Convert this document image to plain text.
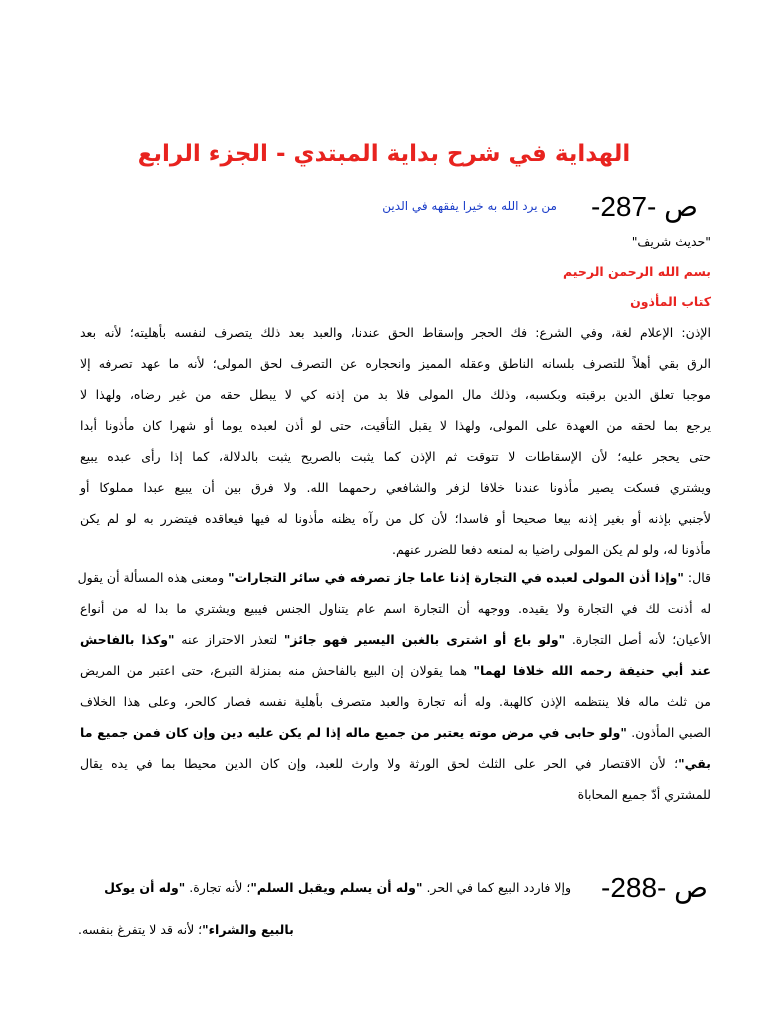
الهداية في شرح بداية المبتدي - الجزء الرابع
ص -287-
من يرد الله به خيرا يفقهه في الدين
"حديث شريف"
بسم الله الرحمن الرحيم
كتاب المأذون
الإذن: الإعلام لغة، وفي الشرع: فك الحجر وإسقاط الحق عندنا، والعبد بعد ذلك يتصرف لنفسه بأهليته؛ لأنه بعد
الرق بقي أهلاً للتصرف بلسانه الناطق وعقله المميز وانحجاره عن التصرف لحق المولى؛ لأنه ما عهد تصرفه إلا
موجبا تعلق الدين برقبته وبكسبه، وذلك مال المولى فلا بد من إذنه كي لا يبطل حقه من غير رضاه، ولهذا لا
يرجع بما لحقه من العهدة على المولى، ولهذا لا يقبل التأقيت، حتى لو أذن لعبده يوما أو شهرا كان مأذونا أبدا
حتى يحجر عليه؛ لأن الإسقاطات لا تتوقت ثم الإذن كما يثبت بالصريح يثبت بالدلالة، كما إذا رأى عبده يبيع
ويشتري فسكت يصير مأذونا عندنا خلافا لزفر والشافعي رحمهما الله. ولا فرق بين أن يبيع عبدا مملوكا أو
لأجنبي بإذنه أو بغير إذنه بيعا صحيحا أو فاسدا؛ لأن كل من رآه يظنه مأذونا له فيها فيعاقده فيتضرر به لو لم يكن
مأذونا له، ولو لم يكن المولى راضيا به لمنعه دفعا للضرر عنهم.
قال: "وإذا أذن المولى لعبده في التجارة إذنا عاما جاز تصرفه في سائر التجارات" ومعنى هذه المسألة أن يقول
له أذنت لك في التجارة ولا يقيده. ووجهه أن التجارة اسم عام يتناول الجنس فيبيع ويشتري ما بدا له من أنواع
الأعيان؛ لأنه أصل التجارة. "ولو باع أو اشترى بالغبن اليسير فهو جائز" لتعذر الاحتراز عنه "وكذا بالفاحش
عند أبي حنيفة رحمه الله خلافا لهما" هما يقولان إن البيع بالفاحش منه بمنزلة التبرع، حتى اعتبر من المريض
من ثلث ماله فلا ينتظمه الإذن كالهبة. وله أنه تجارة والعبد متصرف بأهلية نفسه فصار كالحر، وعلى هذا الخلاف
الصبي المأذون. "ولو حابى في مرض موته يعتبر من جميع ماله إذا لم يكن عليه دين وإن كان فمن جميع ما
بقي"؛ لأن الاقتصار في الحر على الثلث لحق الورثة ولا وارث للعبد، وإن كان الدين محيطا بما في يده يقال
للمشتري أدّ جميع المحاباة
ص -288-
وإلا فاردد البيع كما في الحر. "وله أن يسلم ويقبل السلم"؛ لأنه تجارة. "وله أن يوكل
بالبيع والشراء"؛ لأنه قد لا يتفرغ بنفسه.
